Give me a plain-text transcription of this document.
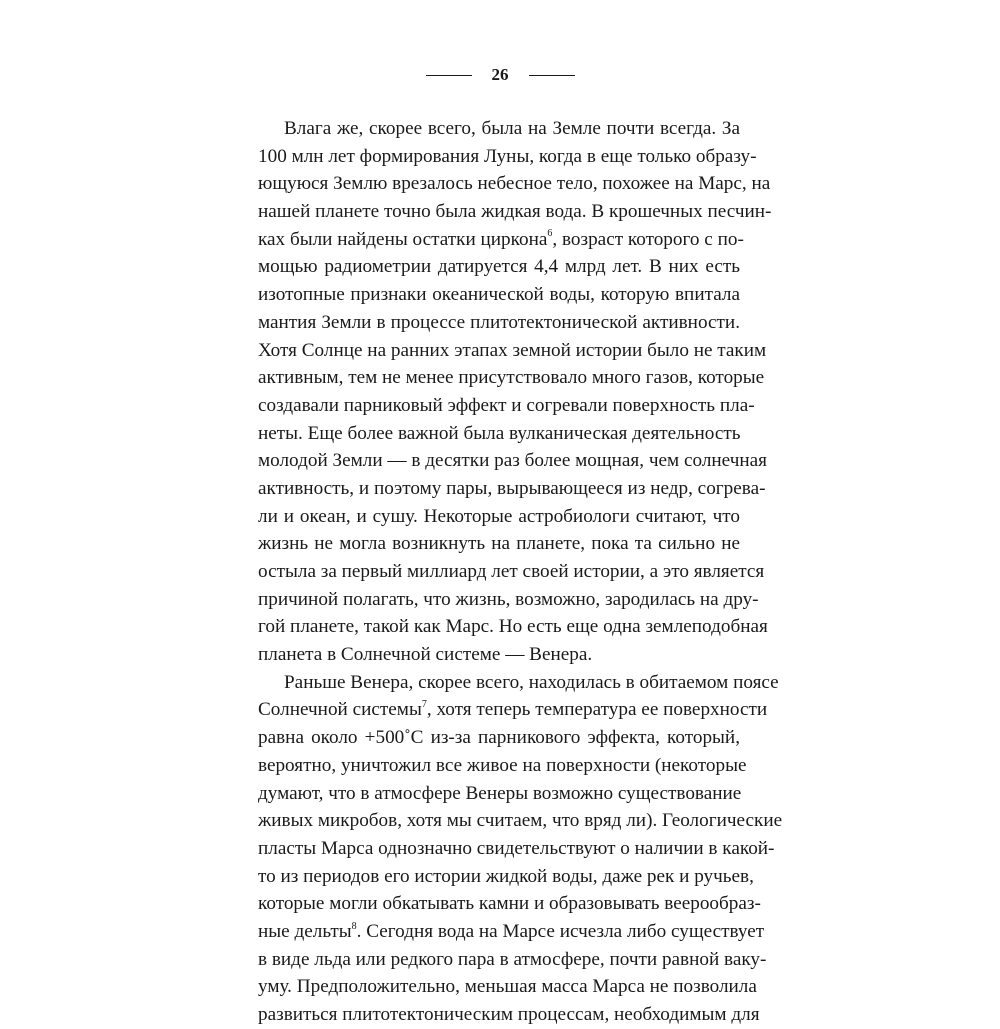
26
Влага же, скорее всего, была на Земле почти всегда. За
100 млн лет формирования Луны, когда в еще только образу-
ющуюся Землю врезалось небесное тело, похожее на Марс, на
нашей планете точно была жидкая вода. В крошечных песчин-
ках были найдены остатки циркона$^6$, возраст которого с по-
мощью радиометрии датируется 4,4 млрд лет. В них есть
изотопные признаки океанической воды, которую впитала
мантия Земли в процессе плитотектонической активности.
Хотя Солнце на ранних этапах земной истории было не таким
активным, тем не менее присутствовало много газов, которые
создавали парниковый эффект и согревали поверхность пла-
неты. Еще более важной была вулканическая деятельность
молодой Земли — в десятки раз более мощная, чем солнечная
активность, и поэтому пары, вырывающееся из недр, согрева-
ли и океан, и сушу. Некоторые астробиологи считают, что
жизнь не могла возникнуть на планете, пока та сильно не
остыла за первый миллиард лет своей истории, а это является
причиной полагать, что жизнь, возможно, зародилась на дру-
гой планете, такой как Марс. Но есть еще одна землеподобная
планета в Солнечной системе — Венера.
Раньше Венера, скорее всего, находилась в обитаемом поясе
Солнечной системы$^7$, хотя теперь температура ее поверхности
равна около +500˚С из-за парникового эффекта, который,
вероятно, уничтожил все живое на поверхности (некоторые
думают, что в атмосфере Венеры возможно существование
живых микробов, хотя мы считаем, что вряд ли). Геологические
пласты Марса однозначно свидетельствуют о наличии в какой-
то из периодов его истории жидкой воды, даже рек и ручьев,
которые могли обкатывать камни и образовывать веерообраз-
ные дельты$^8$. Сегодня вода на Марсе исчезла либо существует
в виде льда или редкого пара в атмосфере, почти равной ваку-
уму. Предположительно, меньшая масса Марса не позволила
развиться плитотектоническим процессам, необходимым для
